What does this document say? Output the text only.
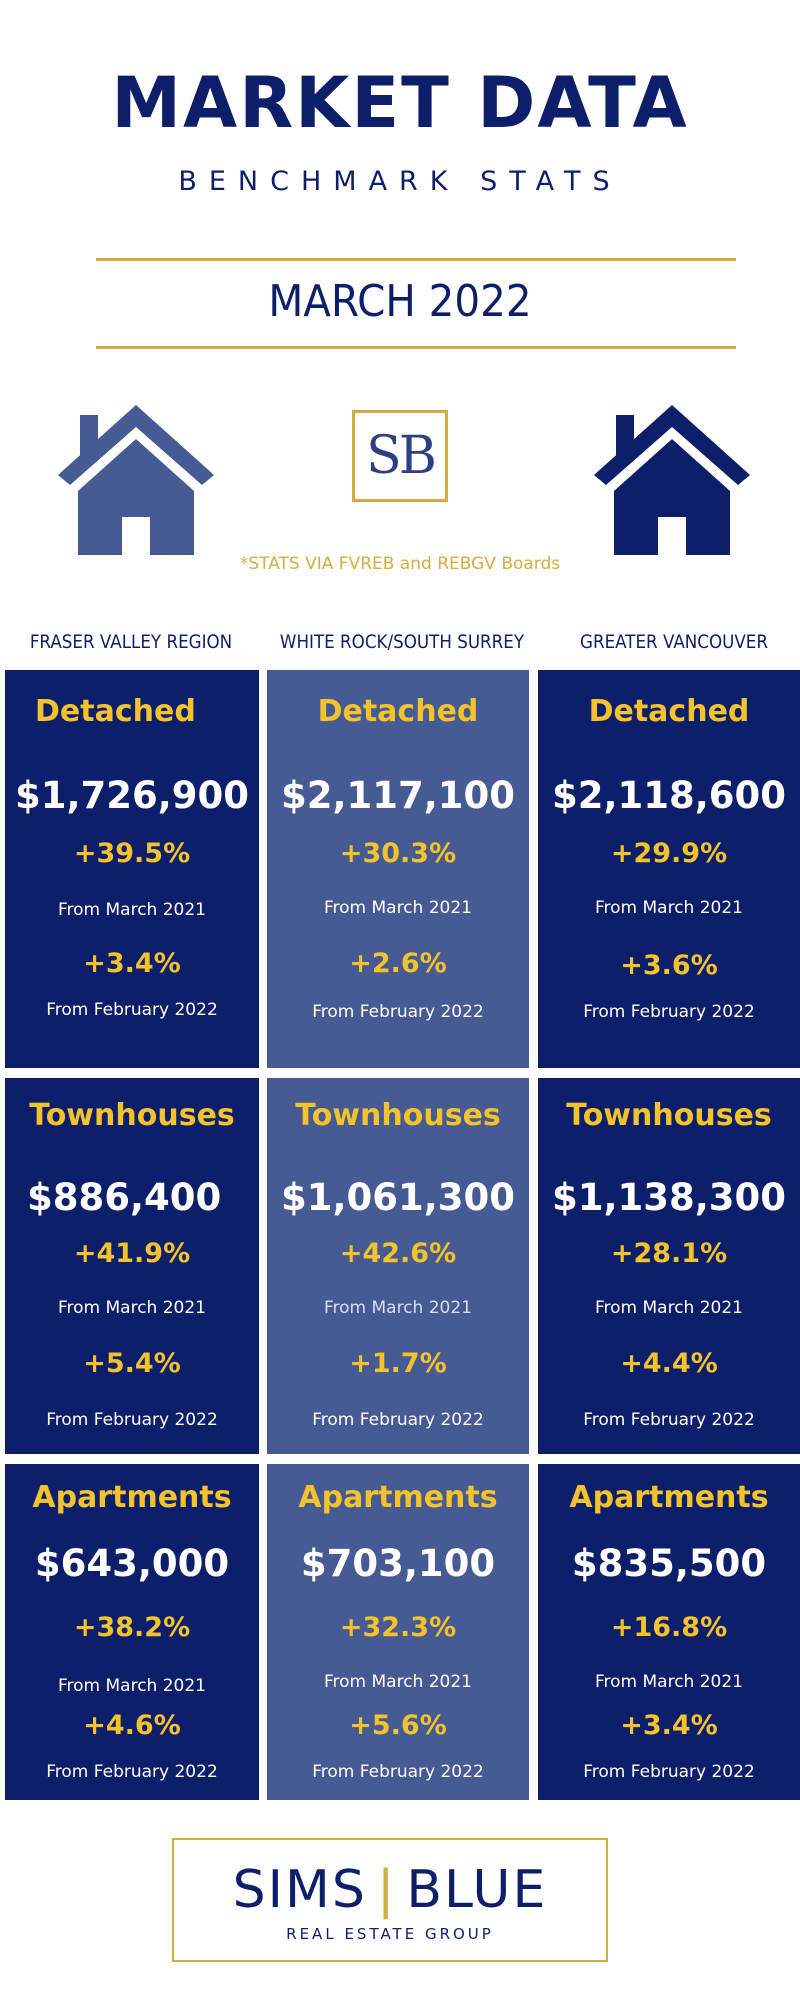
MARKET DATA
BENCHMARK STATS
MARCH 2022
SB
*STATS VIA FVREB and REBGV Boards
FRASER VALLEY REGION	WHITE ROCK/SOUTH SURREY	GREATER VANCOUVER
Detached
$1,726,900
+39.5%
From March 2021
+3.4%
From February 2022
Detached
$2,117,100
+30.3%
From March 2021
+2.6%
From February 2022
Detached
$2,118,600
+29.9%
From March 2021
+3.6%
From February 2022
Townhouses
$886,400
+41.9%
From March 2021
+5.4%
From February 2022
Townhouses
$1,061,300
+42.6%
From March 2021
+1.7%
From February 2022
Townhouses
$1,138,300
+28.1%
From March 2021
+4.4%
From February 2022
Apartments
$643,000
+38.2%
From March 2021
+4.6%
From February 2022
Apartments
$703,100
+32.3%
From March 2021
+5.6%
From February 2022
Apartments
$835,500
+16.8%
From March 2021
+3.4%
From February 2022
SIMS | BLUE
REAL ESTATE GROUP
